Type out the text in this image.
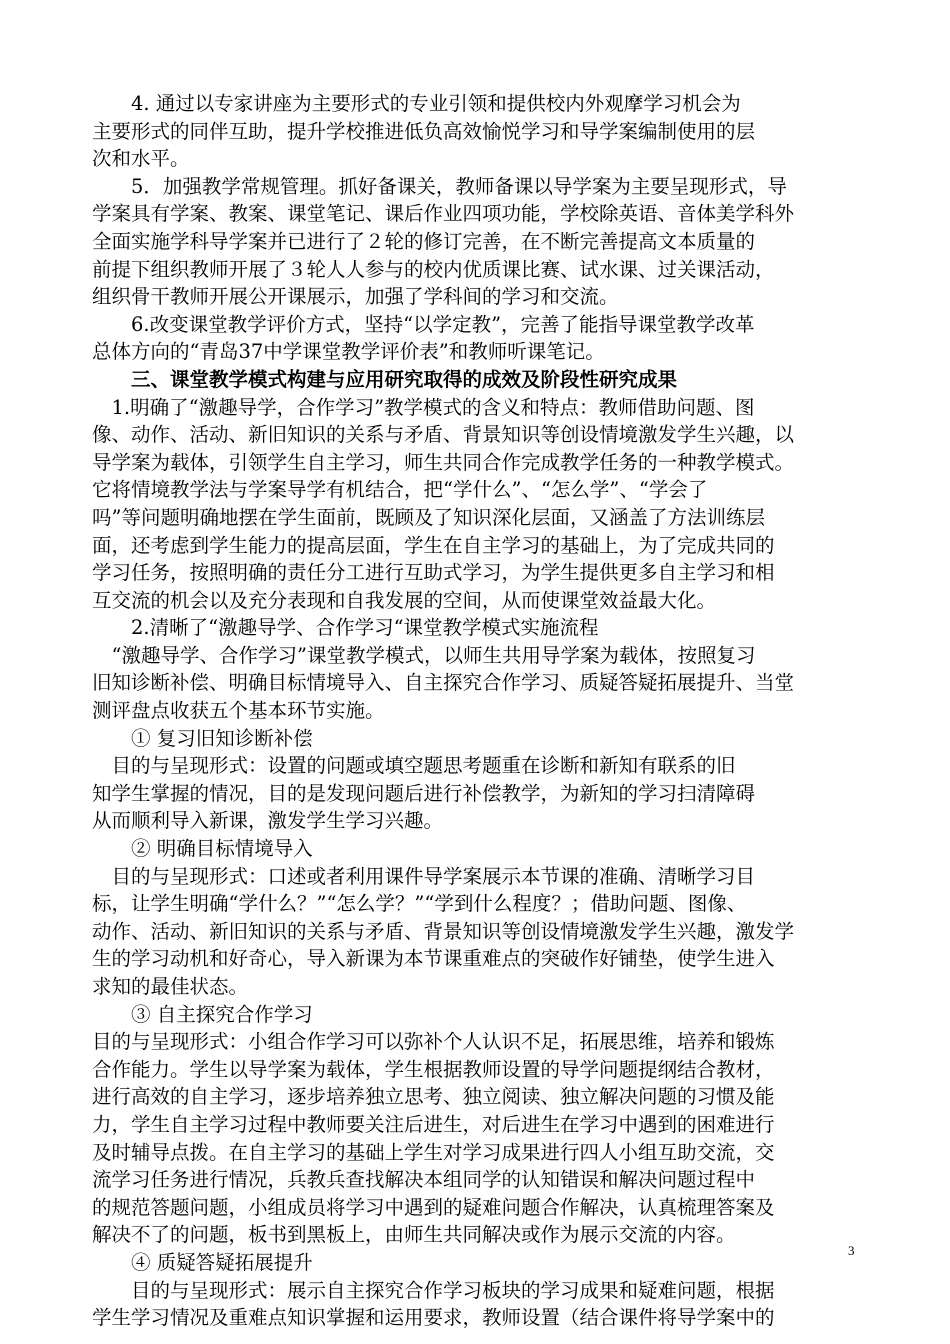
　　4. 通过以专家讲座为主要形式的专业引领和提供校内外观摩学习机会为
主要形式的同伴互助，提升学校推进低负高效愉悦学习和导学案编制使用的层
次和水平。
　　5．加强教学常规管理。抓好备课关，教师备课以导学案为主要呈现形式，导
学案具有学案、教案、课堂笔记、课后作业四项功能，学校除英语、音体美学科外
全面实施学科导学案并已进行了２轮的修订完善，在不断完善提高文本质量的
前提下组织教师开展了３轮人人参与的校内优质课比赛、试水课、过关课活动，
组织骨干教师开展公开课展示，加强了学科间的学习和交流。
　　6.改变课堂教学评价方式，坚持“以学定教”，完善了能指导课堂教学改革
总体方向的“青岛37中学课堂教学评价表”和教师听课笔记。
　　三、课堂教学模式构建与应用研究取得的成效及阶段性研究成果
　1.明确了“激趣导学，合作学习”教学模式的含义和特点：教师借助问题、图
像、动作、活动、新旧知识的关系与矛盾、背景知识等创设情境激发学生兴趣，以
导学案为载体，引领学生自主学习，师生共同合作完成教学任务的一种教学模式。
它将情境教学法与学案导学有机结合，把“学什么”、“怎么学”、“学会了
吗”等问题明确地摆在学生面前，既顾及了知识深化层面，又涵盖了方法训练层
面，还考虑到学生能力的提高层面，学生在自主学习的基础上，为了完成共同的
学习任务，按照明确的责任分工进行互助式学习，为学生提供更多自主学习和相
互交流的机会以及充分表现和自我发展的空间，从而使课堂效益最大化。
　　2.清晰了“激趣导学、合作学习“课堂教学模式实施流程
　“激趣导学、合作学习”课堂教学模式，以师生共用导学案为载体，按照复习
旧知诊断补偿、明确目标情境导入、自主探究合作学习、质疑答疑拓展提升、当堂
测评盘点收获五个基本环节实施。
　　① 复习旧知诊断补偿
　目的与呈现形式：设置的问题或填空题思考题重在诊断和新知有联系的旧
知学生掌握的情况，目的是发现问题后进行补偿教学，为新知的学习扫清障碍
从而顺利导入新课，激发学生学习兴趣。
　　② 明确目标情境导入
　目的与呈现形式：口述或者利用课件导学案展示本节课的准确、清晰学习目
标，让学生明确“学什么？”“怎么学？”“学到什么程度？；借助问题、图像、
动作、活动、新旧知识的关系与矛盾、背景知识等创设情境激发学生兴趣，激发学
生的学习动机和好奇心，导入新课为本节课重难点的突破作好铺垫，使学生进入
求知的最佳状态。
　　③ 自主探究合作学习
目的与呈现形式：小组合作学习可以弥补个人认识不足，拓展思维，培养和锻炼
合作能力。学生以导学案为载体，学生根据教师设置的导学问题提纲结合教材，
进行高效的自主学习，逐步培养独立思考、独立阅读、独立解决问题的习惯及能
力，学生自主学习过程中教师要关注后进生，对后进生在学习中遇到的困难进行
及时辅导点拨。在自主学习的基础上学生对学习成果进行四人小组互助交流，交
流学习任务进行情况，兵教兵查找解决本组同学的认知错误和解决问题过程中
的规范答题问题，小组成员将学习中遇到的疑难问题合作解决，认真梳理答案及
解决不了的问题，板书到黑板上，由师生共同解决或作为展示交流的内容。
　　④ 质疑答疑拓展提升
　　目的与呈现形式：展示自主探究合作学习板块的学习成果和疑难问题，根据
学生学习情况及重难点知识掌握和运用要求，教师设置（结合课件将导学案中的
3
